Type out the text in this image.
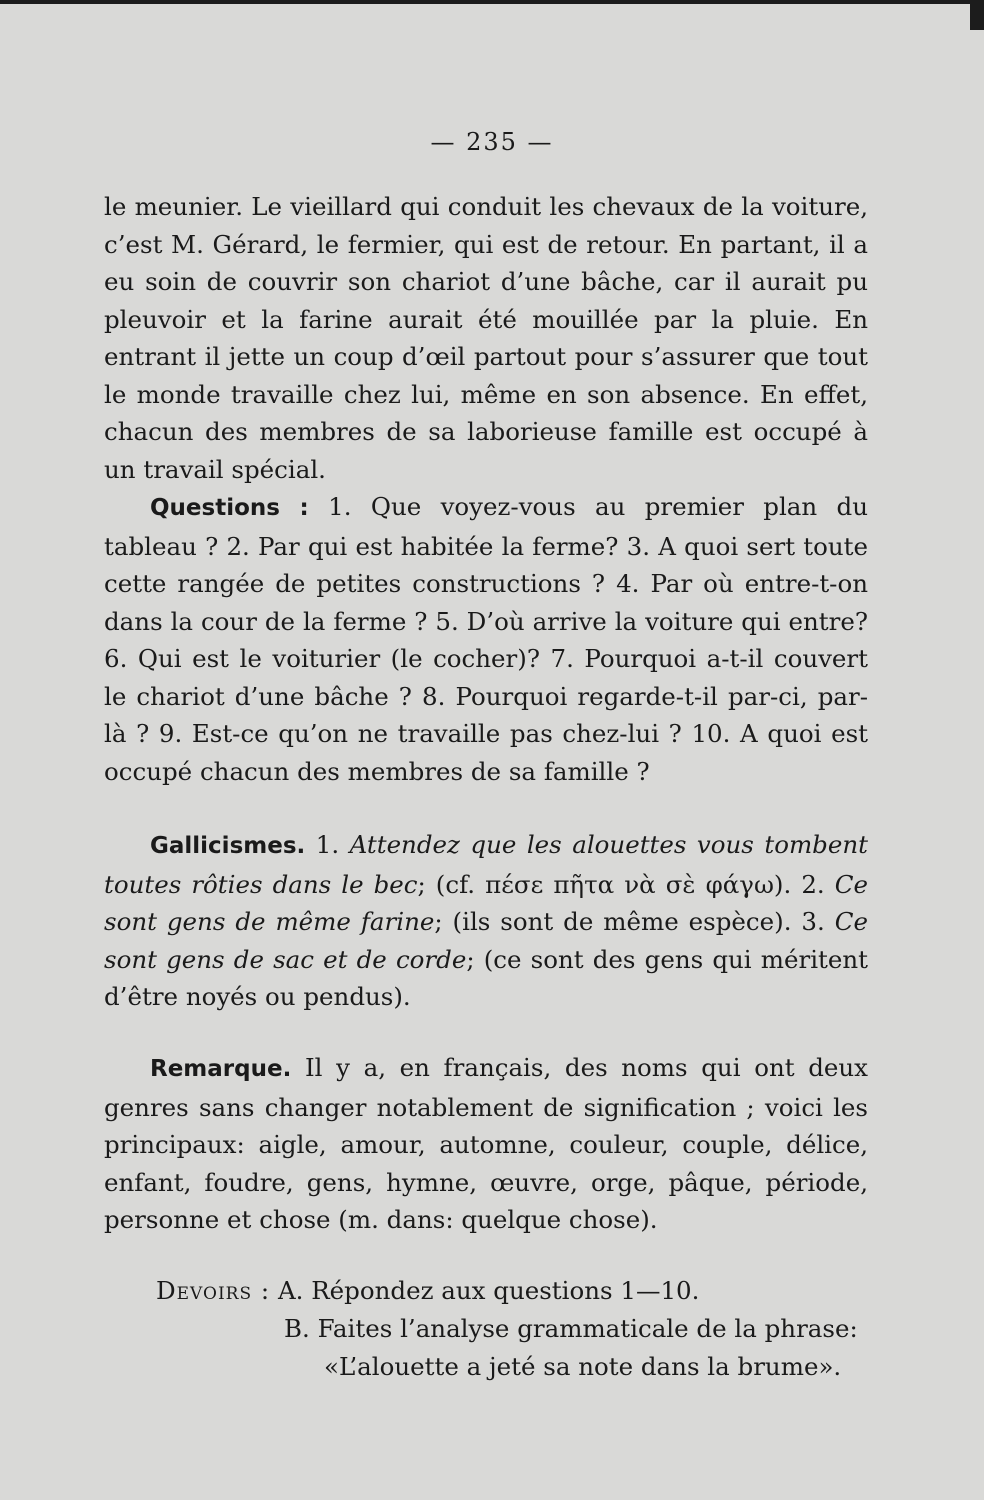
— 235 —

le meunier. Le vieillard qui conduit les chevaux de la voiture, c’est M. Gérard, le fermier, qui est de retour. En partant, il a eu soin de couvrir son chariot d’une bâche, car il aurait pu pleuvoir et la farine aurait été mouillée par la pluie. En entrant il jette un coup d’œil partout pour s’assurer que tout le monde travaille chez lui, même en son absence. En effet, chacun des membres de sa laborieuse famille est occupé à un travail spécial.

Questions : 1. Que voyez-vous au premier plan du tableau ? 2. Par qui est habitée la ferme? 3. A quoi sert toute cette rangée de petites constructions ? 4. Par où entre-t-on dans la cour de la ferme ? 5. D’où arrive la voiture qui entre? 6. Qui est le voiturier (le cocher)? 7. Pourquoi a-t-il couvert le chariot d’une bâche ? 8. Pourquoi regarde-t-il par-ci, par-là ? 9. Est-ce qu’on ne travaille pas chez-lui ? 10. A quoi est occupé chacun des membres de sa famille ?

Gallicismes. 1. Attendez que les alouettes vous tombent toutes rôties dans le bec; (cf. πέσε πῆτα νὰ σὲ φάγω). 2. Ce sont gens de même farine; (ils sont de même espèce). 3. Ce sont gens de sac et de corde; (ce sont des gens qui méritent d’être noyés ou pendus).

Remarque. Il y a, en français, des noms qui ont deux genres sans changer notablement de signification ; voici les principaux: aigle, amour, automne, couleur, couple, délice, enfant, foudre, gens, hymne, œuvre, orge, pâque, période, personne et chose (m. dans: quelque chose).

Devoirs : A. Répondez aux questions 1—10.
B. Faites l’analyse grammaticale de la phrase:
«L’alouette a jeté sa note dans la brume».
